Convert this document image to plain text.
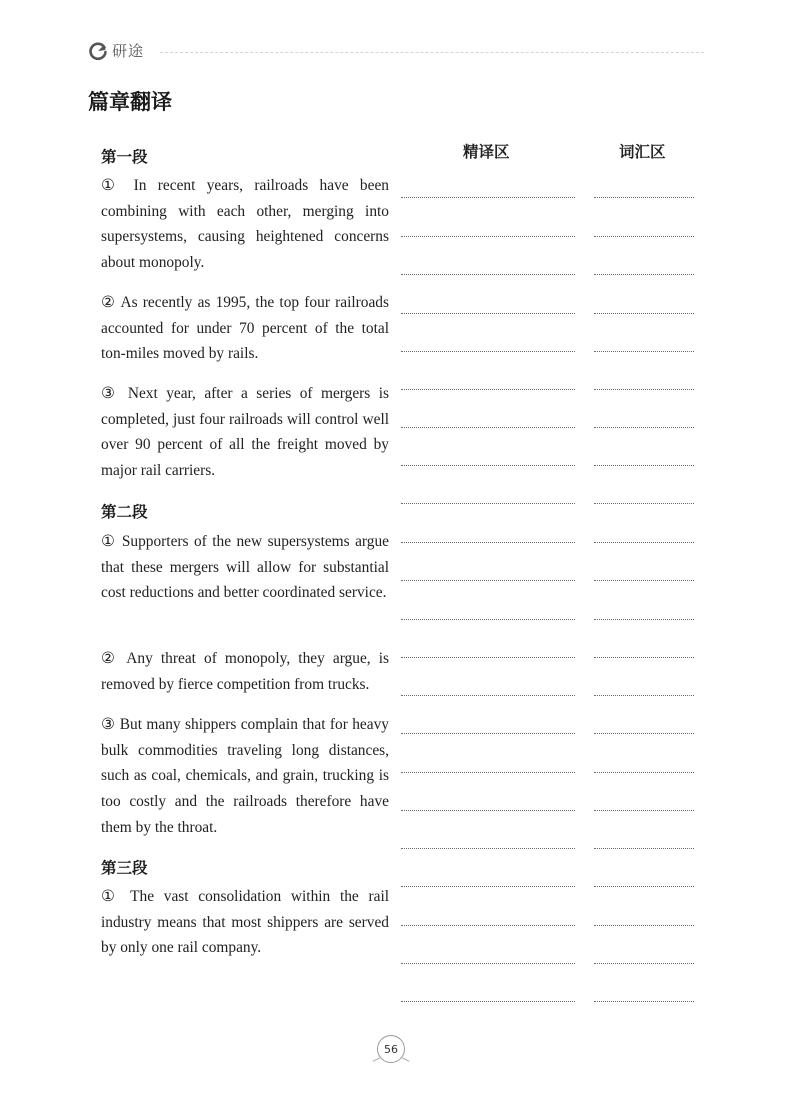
研途
篇章翻译
精译区	词汇区
第一段

① In recent years, railroads have been combining with each other, merging into supersystems, causing heightened concerns about monopoly.

② As recently as 1995, the top four railroads accounted for under 70 percent of the total ton-miles moved by rails.

③ Next year, after a series of mergers is completed, just four railroads will control well over 90 percent of all the freight moved by major rail carriers.

第二段

① Supporters of the new supersystems argue that these mergers will allow for substantial cost reductions and better coordinated service.

② Any threat of monopoly, they argue, is removed by fierce competition from trucks.

③ But many shippers complain that for heavy bulk commodities traveling long distances, such as coal, chemicals, and grain, trucking is too costly and the railroads therefore have them by the throat.

第三段

① The vast consolidation within the rail industry means that most shippers are served by only one rail company.

56
